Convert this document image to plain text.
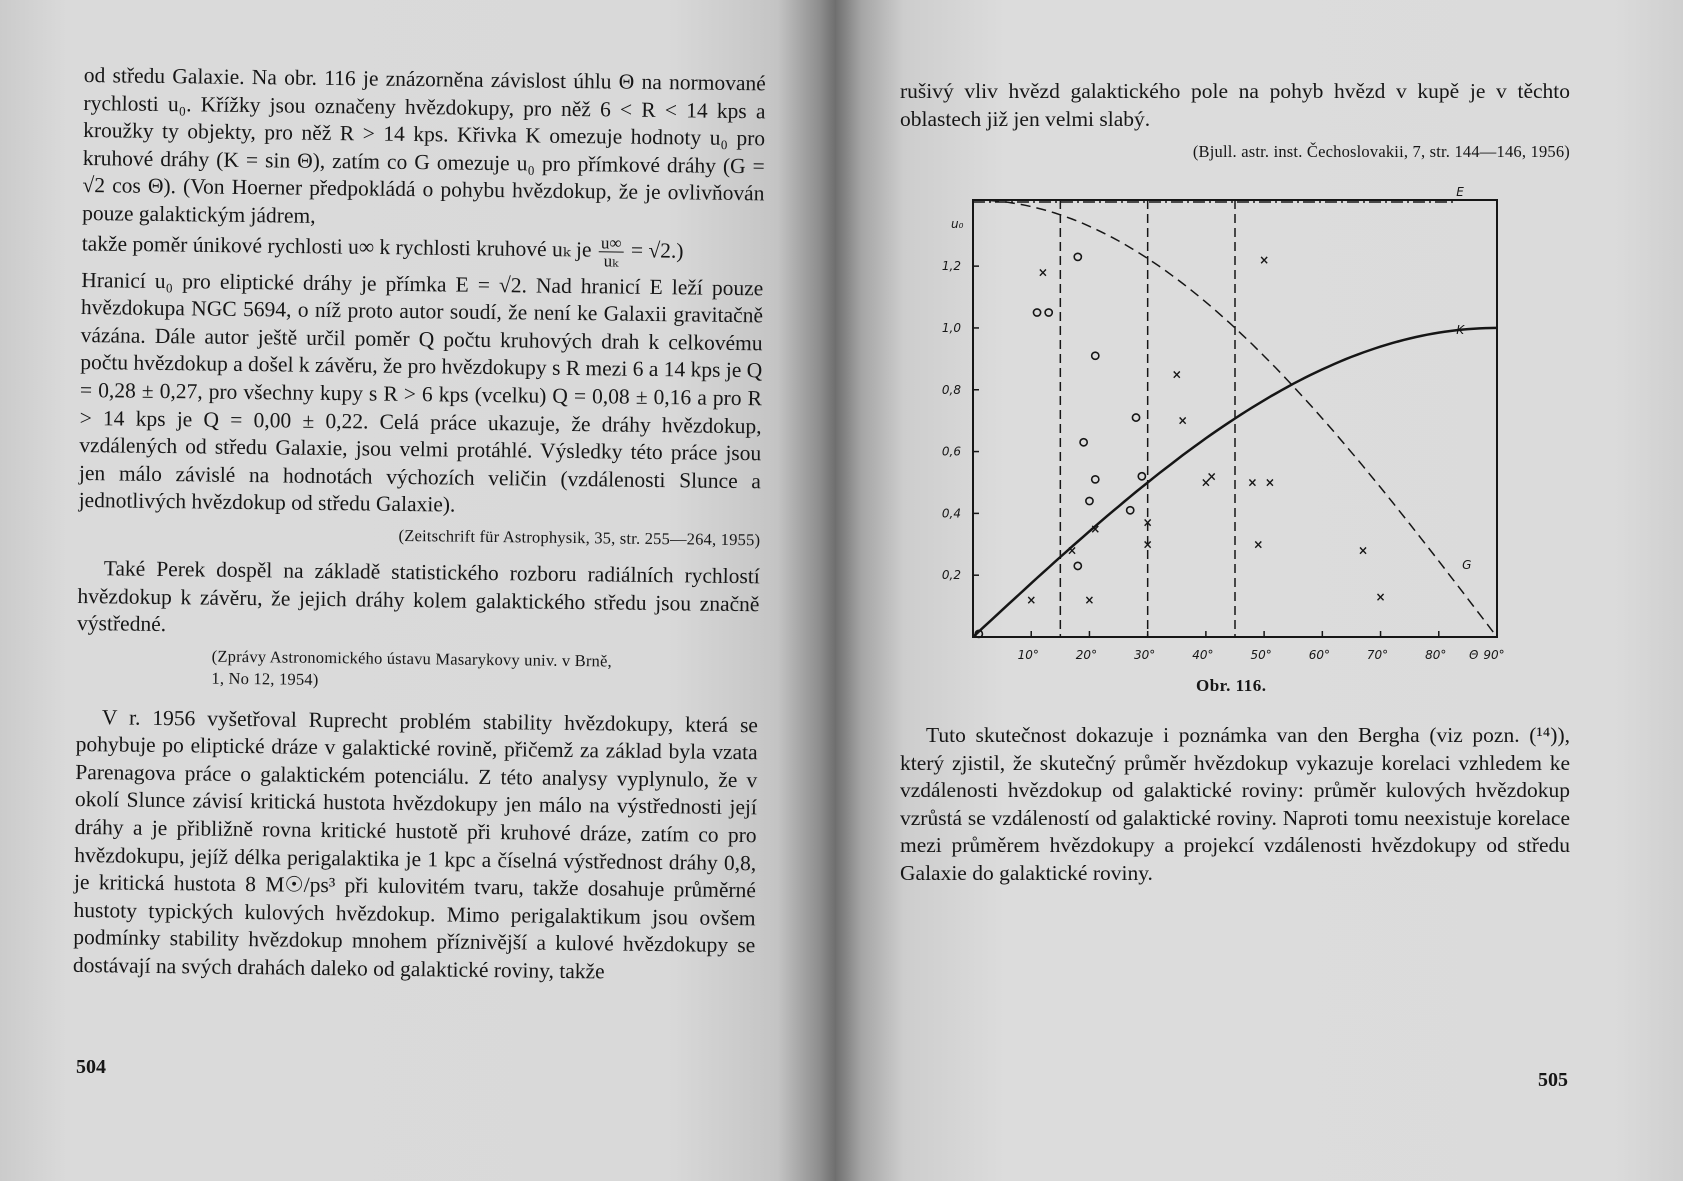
od středu Galaxie. Na obr. 116 je znázorněna závislost úhlu Θ na normované rychlosti u₀. Křížky jsou označeny hvězdokupy, pro něž 6 < R < 14 kps a kroužky ty objekty, pro něž R > 14 kps. Křivka K omezuje hodnoty u₀ pro kruhové dráhy (K = sin Θ), zatím co G omezuje u₀ pro přímkové dráhy (G = √2 cos Θ). (Von Hoerner předpokládá o pohybu hvězdokup, že je ovlivňován pouze galaktickým jádrem,

takže poměr únikové rychlosti u∞ k rychlosti kruhové uₖ je $\frac{u\infty}{\text{uₖ}} = √2$.)

Hranicí u₀ pro eliptické dráhy je přímka E = √2. Nad hranicí E leží pouze hvězdokupa NGC 5694, o níž proto autor soudí, že není ke Galaxii gravitačně vázána. Dále autor ještě určil poměr Q počtu kruhových drah k celkovému počtu hvězdokup a došel k závěru, že pro hvězdokupy s R mezi 6 a 14 kps je Q = 0,28 ± 0,27, pro všechny kupy s R > 6 kps (vcelku) Q = 0,08 ± 0,16 a pro R > 14 kps je Q = 0,00 ± 0,22. Celá práce ukazuje, že dráhy hvězdokup, vzdálených od středu Galaxie, jsou velmi protáhlé. Výsledky této práce jsou jen málo závislé na hodnotách výchozích veličin (vzdálenosti Slunce a jednotlivých hvězdokup od středu Galaxie).

(Zeitschrift für Astrophysik, 35, str. 255—264, 1955)

Také Perek dospěl na základě statistického rozboru radiálních rychlostí hvězdokup k závěru, že jejich dráhy kolem galaktického středu jsou značně výstředné.

(Zprávy Astronomického ústavu Masarykovy univ. v Brně,
1, No 12, 1954)

V r. 1956 vyšetřoval Ruprecht problém stability hvězdokupy, která se pohybuje po eliptické dráze v galaktické rovině, přičemž za základ byla vzata Parenagova práce o galaktickém potenciálu. Z této analysy vyplynulo, že v okolí Slunce závisí kritická hustota hvězdokupy jen málo na výstřednosti její dráhy a je přibližně rovna kritické hustotě při kruhové dráze, zatím co pro hvězdokupu, jejíž délka perigalaktika je 1 kpc a číselná výstřednost dráhy 0,8, je kritická hustota 8 M☉/ps³ při kulovitém tvaru, takže dosahuje průměrné hustoty typických kulových hvězdokup. Mimo perigalaktikum jsou ovšem podmínky stability hvězdokup mnohem příznivější a kulové hvězdokupy se dostávají na svých drahách daleko od galaktické roviny, takže

504

rušivý vliv hvězd galaktického pole na pohyb hvězd v kupě je v těchto oblastech již jen velmi slabý.

(Bjull. astr. inst. Čechoslovakii, 7, str. 144—146, 1956)
10°	20°	30°	40°	50°	60°	70°	80°	90°
0,2
0,4
0,6
0,8
1,0
1,2
u₀
Θ
E
K
G
×
×
×
×
×
×
×
×
×
×
×	× ×
×
×
×
×
Obr. 116.

Tuto skutečnost dokazuje i poznámka van den Bergha (viz pozn. (¹⁴)), který zjistil, že skutečný průměr hvězdokup vykazuje korelaci vzhledem ke vzdálenosti hvězdokup od galaktické roviny: průměr kulových hvězdokup vzrůstá se vzdáleností od galaktické roviny. Naproti tomu neexistuje korelace mezi průměrem hvězdokupy a projekcí vzdálenosti hvězdokupy od středu Galaxie do galaktické roviny.

505
